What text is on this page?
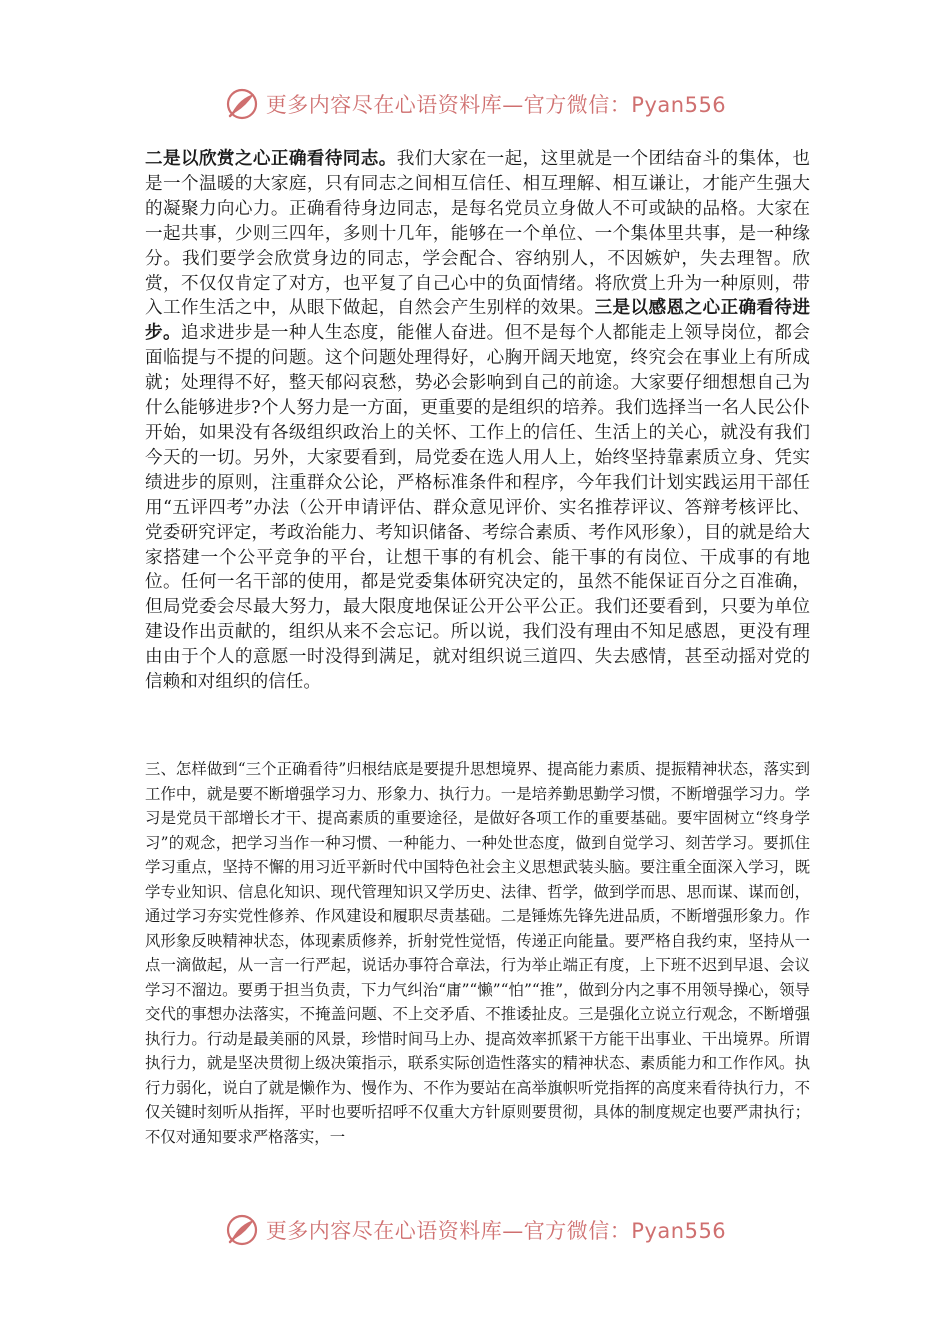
更多内容尽在心语资料库—官方微信：Pyan556
二是以欣赏之心正确看待同志。我们大家在一起，这里就是一个团结奋斗的集体，也是一个温暖的大家庭，只有同志之间相互信任、相互理解、相互谦让，才能产生强大的凝聚力向心力。正确看待身边同志，是每名党员立身做人不可或缺的品格。大家在一起共事，少则三四年，多则十几年，能够在一个单位、一个集体里共事，是一种缘分。我们要学会欣赏身边的同志，学会配合、容纳别人，不因嫉妒，失去理智。欣赏，不仅仅肯定了对方，也平复了自己心中的负面情绪。将欣赏上升为一种原则，带入工作生活之中，从眼下做起，自然会产生别样的效果。三是以感恩之心正确看待进步。追求进步是一种人生态度，能催人奋进。但不是每个人都能走上领导岗位，都会面临提与不提的问题。这个问题处理得好，心胸开阔天地宽，终究会在事业上有所成就；处理得不好，整天郁闷哀愁，势必会影响到自己的前途。大家要仔细想想自己为什么能够进步?个人努力是一方面，更重要的是组织的培养。我们选择当一名人民公仆开始，如果没有各级组织政治上的关怀、工作上的信任、生活上的关心，就没有我们今天的一切。另外，大家要看到，局党委在选人用人上，始终坚持靠素质立身、凭实绩进步的原则，注重群众公论，严格标准条件和程序，今年我们计划实践运用干部任用“五评四考”办法（公开申请评估、群众意见评价、实名推荐评议、答辩考核评比、党委研究评定，考政治能力、考知识储备、考综合素质、考作风形象），目的就是给大家搭建一个公平竞争的平台，让想干事的有机会、能干事的有岗位、干成事的有地位。任何一名干部的使用，都是党委集体研究决定的，虽然不能保证百分之百准确，但局党委会尽最大努力，最大限度地保证公开公平公正。我们还要看到，只要为单位建设作出贡献的，组织从来不会忘记。所以说，我们没有理由不知足感恩，更没有理由由于个人的意愿一时没得到满足，就对组织说三道四、失去感情，甚至动摇对党的信赖和对组织的信任。
三、怎样做到“三个正确看待”归根结底是要提升思想境界、提高能力素质、提振精神状态，落实到工作中，就是要不断增强学习力、形象力、执行力。一是培养勤思勤学习惯，不断增强学习力。学习是党员干部增长才干、提高素质的重要途径，是做好各项工作的重要基础。要牢固树立“终身学习”的观念，把学习当作一种习惯、一种能力、一种处世态度，做到自觉学习、刻苦学习。要抓住学习重点，坚持不懈的用习近平新时代中国特色社会主义思想武装头脑。要注重全面深入学习，既学专业知识、信息化知识、现代管理知识又学历史、法律、哲学，做到学而思、思而谋、谋而创，通过学习夯实党性修养、作风建设和履职尽责基础。二是锤炼先锋先进品质，不断增强形象力。作风形象反映精神状态，体现素质修养，折射党性觉悟，传递正向能量。要严格自我约束，坚持从一点一滴做起，从一言一行严起，说话办事符合章法，行为举止端正有度，上下班不迟到早退、会议学习不溜边。要勇于担当负责，下力气纠治“庸”“懒”“怕”“推”，做到分内之事不用领导操心，领导交代的事想办法落实，不掩盖问题、不上交矛盾、不推诿扯皮。三是强化立说立行观念，不断增强执行力。行动是最美丽的风景，珍惜时间马上办、提高效率抓紧干方能干出事业、干出境界。所谓执行力，就是坚决贯彻上级决策指示，联系实际创造性落实的精神状态、素质能力和工作作风。执行力弱化，说白了就是懒作为、慢作为、不作为要站在高举旗帜听党指挥的高度来看待执行力，不仅关键时刻听从指挥，平时也要听招呼不仅重大方针原则要贯彻，具体的制度规定也要严肃执行；不仅对通知要求严格落实，一
更多内容尽在心语资料库—官方微信：Pyan556
